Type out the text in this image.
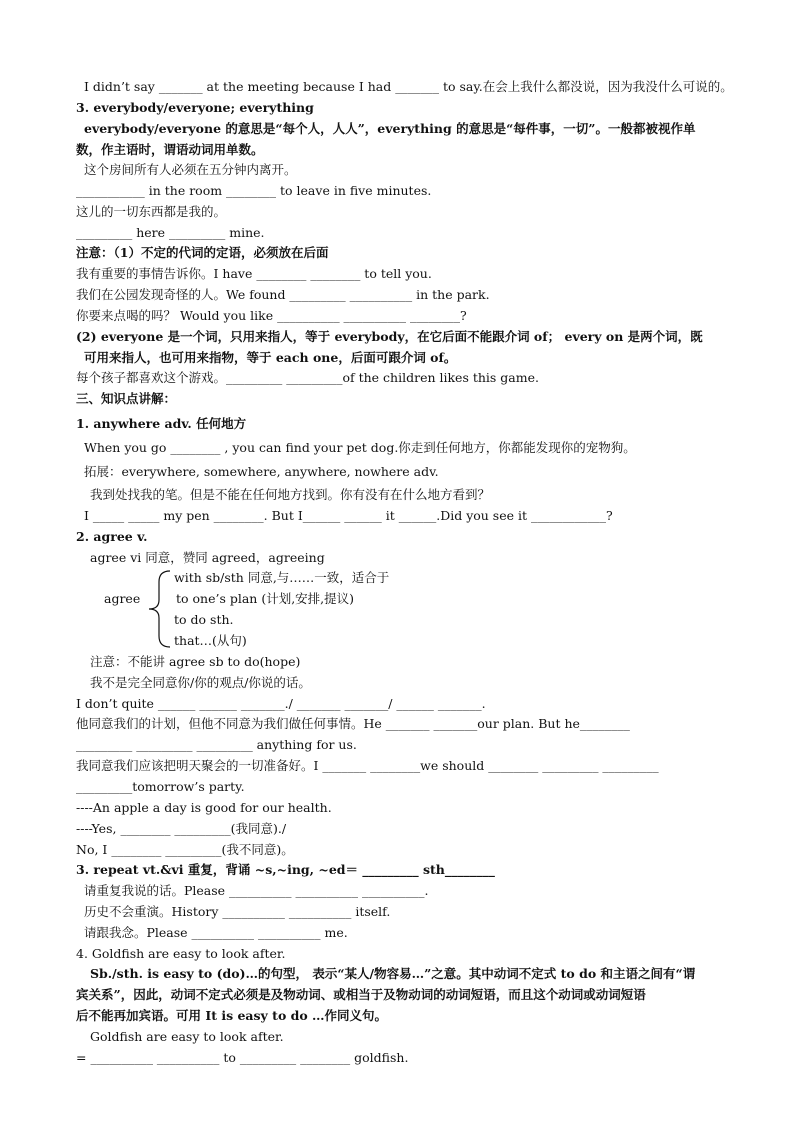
I didn’t say _______ at the meeting because I had _______ to say.在会上我什么都没说，因为我没什么可说的。
3. everybody/everyone; everything
everybody/everyone 的意思是“每个人，人人”，everything 的意思是“每件事，一切”。一般都被视作单
数，作主语时，谓语动词用单数。
这个房间所有人必须在五分钟内离开。
___________ in the room ________ to leave in five minutes.
这儿的一切东西都是我的。
_________ here _________ mine.
注意：（1）不定的代词的定语，必须放在后面
我有重要的事情告诉你。I have ________ ________ to tell you.
我们在公园发现奇怪的人。We found _________ __________ in the park.
你要来点喝的吗？ Would you like __________ __________ ________?
(2) everyone 是一个词，只用来指人，等于 everybody，在它后面不能跟介词 of； every on 是两个词，既
可用来指人，也可用来指物，等于 each one，后面可跟介词 of。
每个孩子都喜欢这个游戏。_________ _________of the children likes this game.
三、知识点讲解：
1. anywhere adv. 任何地方
When you go ________ , you can find your pet dog.你走到任何地方，你都能发现你的宠物狗。
拓展：everywhere, somewhere, anywhere, nowhere adv.
我到处找我的笔。但是不能在任何地方找到。你有没有在什么地方看到？
I _____ _____ my pen ________. But I______ ______ it ______.Did you see it ____________?
2. agree v.
agree vi 同意，赞同 agreed，agreeing
with sb/sth 同意,与……一致，适合于
agree	to one’s plan (计划,安排,提议)
to do sth.
that…(从句)
注意：不能讲 agree sb to do(hope)
我不是完全同意你/你的观点/你说的话。
I don’t quite ______ ______ _______./ _______ _______/ ______ _______.
他同意我们的计划，但他不同意为我们做任何事情。He _______ _______our plan. But he________
_________ _________ _________ anything for us.
我同意我们应该把明天聚会的一切准备好。I _______ ________we should ________ _________ _________
_________tomorrow’s party.
----An apple a day is good for our health.
----Yes, ________ _________(我同意)./
No, I ________ _________(我不同意)。
3. repeat vt.&vi 重复，背诵 ~s,~ing, ~ed＝ _________ sth________
请重复我说的话。Please __________ __________ __________.
历史不会重演。History __________ __________ itself.
请跟我念。Please __________ __________ me.
4. Goldfish are easy to look after.
Sb./sth. is easy to (do)…的句型， 表示“某人/物容易…”之意。其中动词不定式 to do 和主语之间有“谓
宾关系”，因此，动词不定式必须是及物动词、或相当于及物动词的动词短语，而且这个动词或动词短语
后不能再加宾语。可用 It is easy to do …作同义句。
Goldfish are easy to look after.
= __________ __________ to _________ ________ goldfish.
